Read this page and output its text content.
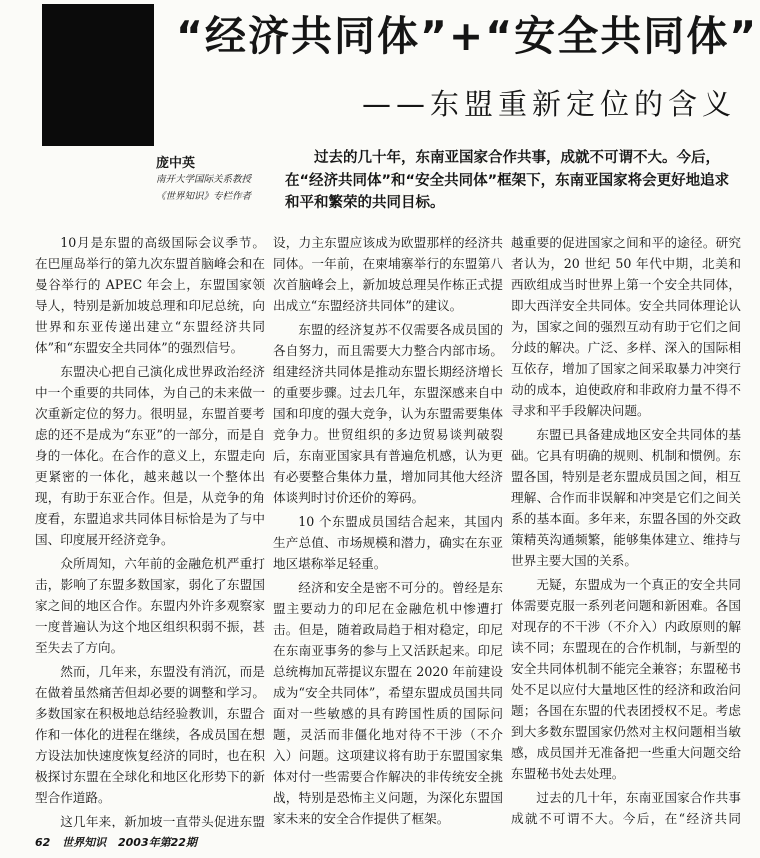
“经济共同体”+“安全共同体”
——东盟重新定位的含义
庞中英
南开大学国际关系教授
《世界知识》专栏作者

过去的几十年，东南亚国家合作共事，成就不可谓不大。今后，在“经济共同体”和“安全共同体”框架下，东南亚国家将会更好地追求和平和繁荣的共同目标。

10月是东盟的高级国际会议季节。在巴厘岛举行的第九次东盟首脑峰会和在曼谷举行的 APEC 年会上，东盟国家领导人，特别是新加坡总理和印尼总统，向世界和东亚传递出建立“东盟经济共同体”和“东盟安全共同体”的强烈信号。

东盟决心把自己演化成世界政治经济中一个重要的共同体，为自己的未来做一次重新定位的努力。很明显，东盟首要考虑的还不是成为“东亚”的一部分，而是自身的一体化。在合作的意义上，东盟走向更紧密的一体化，越来越以一个整体出现，有助于东亚合作。但是，从竞争的角度看，东盟追求共同体目标恰是为了与中国、印度展开经济竞争。

众所周知，六年前的金融危机严重打击，影响了东盟多数国家，弱化了东盟国家之间的地区合作。东盟内外许多观察家一度普遍认为这个地区组织积弱不振，甚至失去了方向。

然而，几年来，东盟没有消沉，而是在做着虽然痛苦但却必要的调整和学习。多数国家在积极地总结经验教训，东盟合作和一体化的进程在继续，各成员国在想方设法加快速度恢复经济的同时，也在积极探讨东盟在全球化和地区化形势下的新型合作道路。

这几年来，新加坡一直带头促进东盟

设，力主东盟应该成为欧盟那样的经济共同体。一年前，在柬埔寨举行的东盟第八次首脑峰会上，新加坡总理吴作栋正式提出成立“东盟经济共同体”的建议。

东盟的经济复苏不仅需要各成员国的各自努力，而且需要大力整合内部市场。组建经济共同体是推动东盟长期经济增长的重要步骤。过去几年，东盟深感来自中国和印度的强大竞争，认为东盟需要集体竞争力。世贸组织的多边贸易谈判破裂后，东南亚国家具有普遍危机感，认为更有必要整合集体力量，增加同其他大经济体谈判时讨价还价的筹码。

10 个东盟成员国结合起来，其国内生产总值、市场规模和潜力，确实在东亚地区堪称举足轻重。

经济和安全是密不可分的。曾经是东盟主要动力的印尼在金融危机中惨遭打击。但是，随着政局趋于相对稳定，印尼在东南亚事务的参与上又活跃起来。印尼总统梅加瓦蒂提议东盟在 2020 年前建设成为“安全共同体”，希望东盟成员国共同面对一些敏感的具有跨国性质的国际问题，灵活而非僵化地对待不干涉（不介入）问题。这项建议将有助于东盟国家集体对付一些需要合作解决的非传统安全挑战，特别是恐怖主义问题，为深化东盟国家未来的安全合作提供了框架。

越重要的促进国家之间和平的途径。研究者认为，20 世纪 50 年代中期，北美和西欧组成当时世界上第一个安全共同体，即大西洋安全共同体。安全共同体理论认为，国家之间的强烈互动有助于它们之间分歧的解决。广泛、多样、深入的国际相互依存，增加了国家之间采取暴力冲突行动的成本，迫使政府和非政府力量不得不寻求和平手段解决问题。

东盟已具备建成地区安全共同体的基础。它具有明确的规则、机制和惯例。东盟各国，特别是老东盟成员国之间，相互理解、合作而非误解和冲突是它们之间关系的基本面。多年来，东盟各国的外交政策精英沟通频繁，能够集体建立、维持与世界主要大国的关系。

无疑，东盟成为一个真正的安全共同体需要克服一系列老问题和新困难。各国对现存的不干涉（不介入）内政原则的解读不同；东盟现在的合作机制，与新型的安全共同体机制不能完全兼容；东盟秘书处不足以应付大量地区性的经济和政治问题；各国在东盟的代表团授权不足。考虑到大多数东盟国家仍然对主权问题相当敏感，成员国并无准备把一些重大问题交给东盟秘书处去处理。

过去的几十年，东南亚国家合作共事成就不可谓不大。今后，在“经济共同

62 世界知识 2003年第22期
